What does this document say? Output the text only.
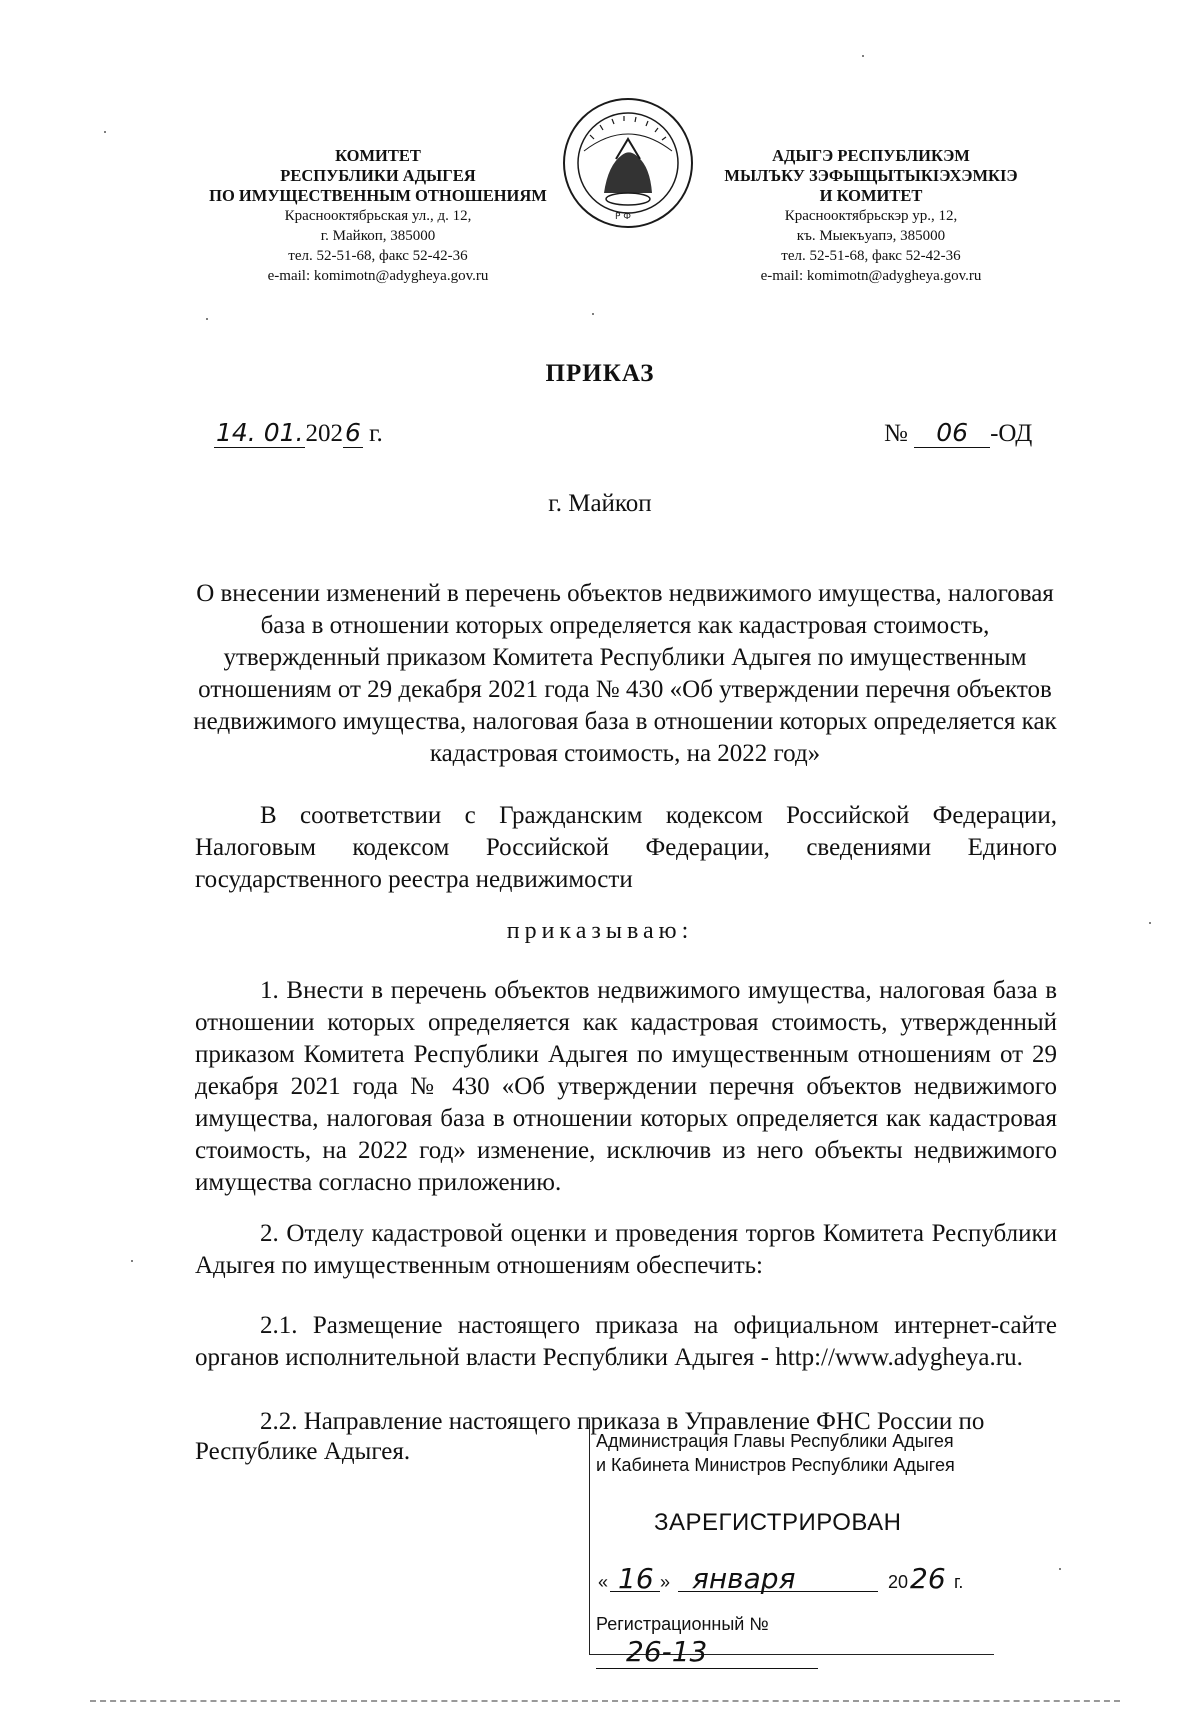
КОМИТЕТ
РЕСПУБЛИКИ АДЫГЕЯ
ПО ИМУЩЕСТВЕННЫМ ОТНОШЕНИЯМ
Краснооктябрьская ул., д. 12,
г. Майкоп, 385000
тел. 52-51-68, факс 52-42-36
e-mail: komimotn@adygheya.gov.ru
Р Ф
АДЫГЭ РЕСПУБЛИКЭМ
МЫЛЪКУ ЗЭФЫЩЫТЫКIЭХЭМКIЭ
И КОМИТЕТ
Краснооктябрьскэр ур., 12,
къ. Мыекъуапэ, 385000
тел. 52-51-68, факс 52-42-36
e-mail: komimotn@adygheya.gov.ru
ПРИКАЗ
14. 01.2026 г.	№ 06 -ОД
г. Майкоп
О внесении изменений в перечень объектов недвижимого имущества, налоговая база в отношении которых определяется как кадастровая стоимость, утвержденный приказом Комитета Республики Адыгея по имущественным отношениям от 29 декабря 2021 года № 430 «Об утверждении перечня объектов недвижимого имущества, налоговая база в отношении которых определяется как кадастровая стоимость, на 2022 год»
В соответствии с Гражданским кодексом Российской Федерации, Налоговым кодексом Российской Федерации, сведениями Единого государственного реестра недвижимости
приказываю:
1. Внести в перечень объектов недвижимого имущества, налоговая база в отношении которых определяется как кадастровая стоимость, утвержденный приказом Комитета Республики Адыгея по имущественным отношениям от 29 декабря 2021 года № 430 «Об утверждении перечня объектов недвижимого имущества, налоговая база в отношении которых определяется как кадастровая стоимость, на 2022 год» изменение, исключив из него объекты недвижимого имущества согласно приложению.
2. Отделу кадастровой оценки и проведения торгов Комитета Республики Адыгея по имущественным отношениям обеспечить:
2.1. Размещение настоящего приказа на официальном интернет-сайте органов исполнительной власти Республики Адыгея - http://www.adygheya.ru.
2.2. Направление настоящего приказа в Управление ФНС России по
Республике Адыгея.	Администрация Главы Республики Адыгея
и Кабинета Министров Республики Адыгея
ЗАРЕГИСТРИРОВАН
« 16 » января	20 26 г.
Регистрационный № 26-13
